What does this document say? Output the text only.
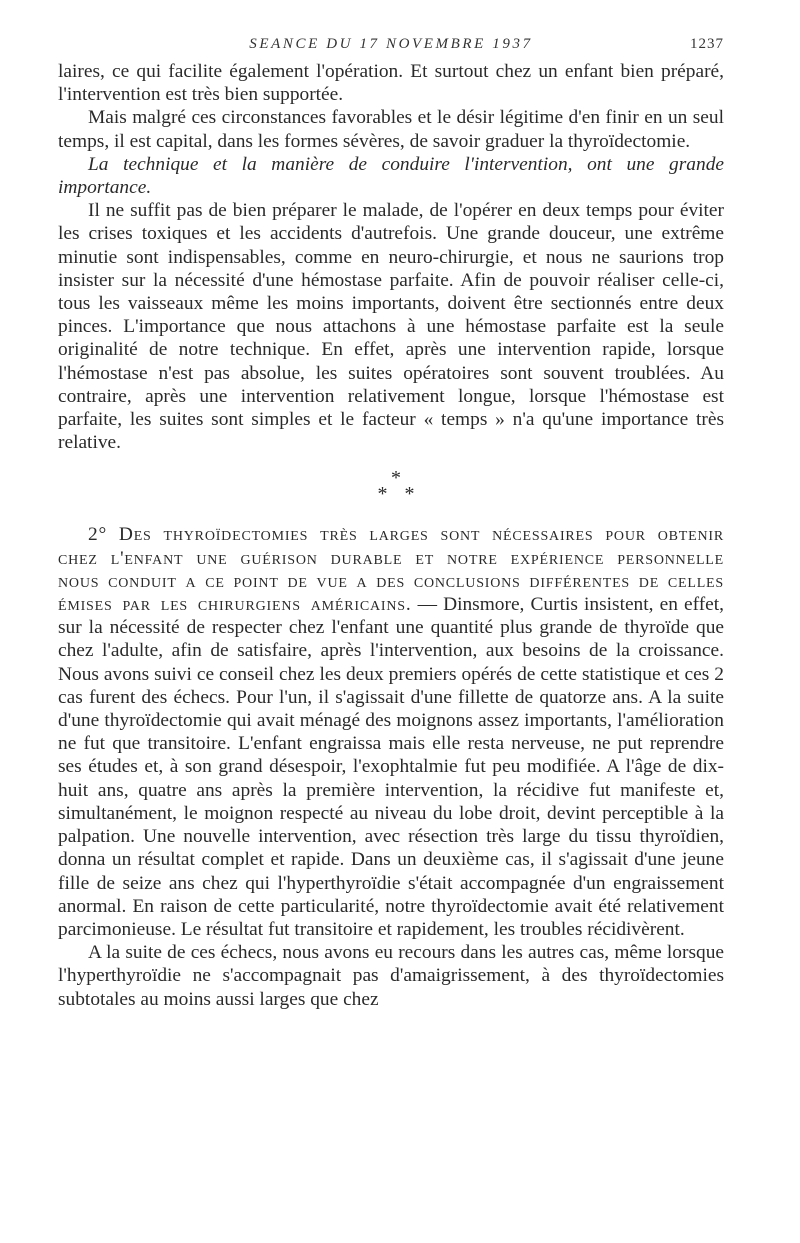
SEANCE DU 17 NOVEMBRE 1937	1237

laires, ce qui facilite également l'opération. Et surtout chez un enfant bien préparé, l'intervention est très bien supportée.

Mais malgré ces circonstances favorables et le désir légitime d'en finir en un seul temps, il est capital, dans les formes sévères, de savoir graduer la thyroïdectomie.

La technique et la manière de conduire l'intervention, ont une grande importance.

Il ne suffit pas de bien préparer le malade, de l'opérer en deux temps pour éviter les crises toxiques et les accidents d'autrefois. Une grande douceur, une extrême minutie sont indispensables, comme en neuro-chirurgie, et nous ne saurions trop insister sur la nécessité d'une hémostase parfaite. Afin de pouvoir réaliser celle-ci, tous les vaisseaux même les moins importants, doivent être sectionnés entre deux pinces. L'importance que nous attachons à une hémostase parfaite est la seule originalité de notre technique. En effet, après une intervention rapide, lorsque l'hémostase n'est pas absolue, les suites opératoires sont souvent troublées. Au contraire, après une intervention relativement longue, lorsque l'hémostase est parfaite, les suites sont simples et le facteur « temps » n'a qu'une importance très relative.

*
* *

2° Des thyroïdectomies très larges sont nécessaires pour obtenir chez l'enfant une guérison durable et notre expérience personnelle nous conduit a ce point de vue a des conclusions différentes de celles émises par les chirurgiens américains. — Dinsmore, Curtis insistent, en effet, sur la nécessité de respecter chez l'enfant une quantité plus grande de thyroïde que chez l'adulte, afin de satisfaire, après l'intervention, aux besoins de la croissance. Nous avons suivi ce conseil chez les deux premiers opérés de cette statistique et ces 2 cas furent des échecs. Pour l'un, il s'agissait d'une fillette de quatorze ans. A la suite d'une thyroïdectomie qui avait ménagé des moignons assez importants, l'amélioration ne fut que transitoire. L'enfant engraissa mais elle resta nerveuse, ne put reprendre ses études et, à son grand désespoir, l'exophtalmie fut peu modifiée. A l'âge de dix-huit ans, quatre ans après la première intervention, la récidive fut manifeste et, simultanément, le moignon respecté au niveau du lobe droit, devint perceptible à la palpation. Une nouvelle intervention, avec résection très large du tissu thyroïdien, donna un résultat complet et rapide. Dans un deuxième cas, il s'agissait d'une jeune fille de seize ans chez qui l'hyperthyroïdie s'était accompagnée d'un engraissement anormal. En raison de cette particularité, notre thyroïdectomie avait été relativement parcimonieuse. Le résultat fut transitoire et rapidement, les troubles récidivèrent.

A la suite de ces échecs, nous avons eu recours dans les autres cas, même lorsque l'hyperthyroïdie ne s'accompagnait pas d'amaigrissement, à des thyroïdectomies subtotales au moins aussi larges que chez
